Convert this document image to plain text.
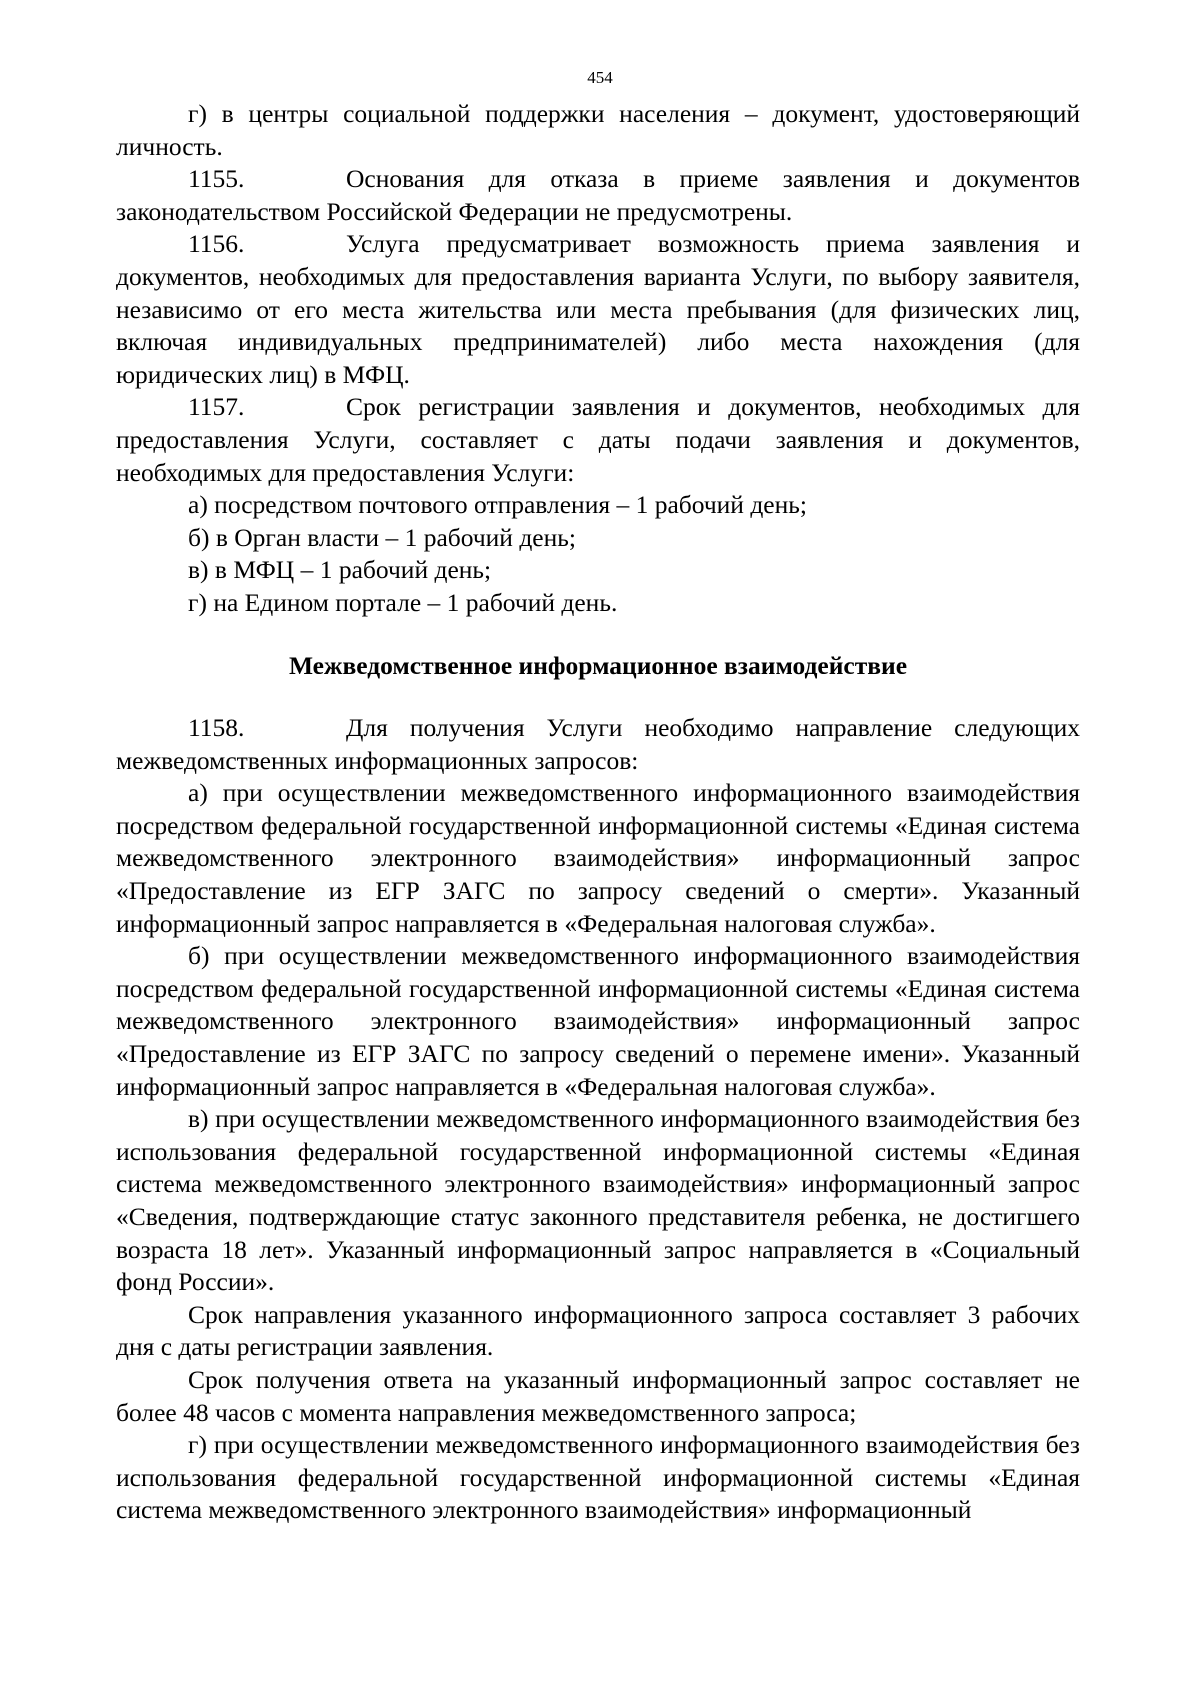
454

г) в центры социальной поддержки населения – документ, удостоверяющий личность.

1155.	Основания для отказа в приеме заявления и документов законодательством Российской Федерации не предусмотрены.

1156.	Услуга предусматривает возможность приема заявления и документов, необходимых для предоставления варианта Услуги, по выбору заявителя, независимо от его места жительства или места пребывания (для физических лиц, включая индивидуальных предпринимателей) либо места нахождения (для юридических лиц) в МФЦ.

1157.	Срок регистрации заявления и документов, необходимых для предоставления Услуги, составляет с даты подачи заявления и документов, необходимых для предоставления Услуги:

а) посредством почтового отправления – 1 рабочий день;

б) в Орган власти – 1 рабочий день;

в) в МФЦ – 1 рабочий день;

г) на Едином портале – 1 рабочий день.

Межведомственное информационное взаимодействие

1158.	Для получения Услуги необходимо направление следующих межведомственных информационных запросов:

а) при осуществлении межведомственного информационного взаимодействия посредством федеральной государственной информационной системы «Единая система межведомственного электронного взаимодействия» информационный запрос «Предоставление из ЕГР ЗАГС по запросу сведений о смерти». Указанный информационный запрос направляется в «Федеральная налоговая служба».

б) при осуществлении межведомственного информационного взаимодействия посредством федеральной государственной информационной системы «Единая система межведомственного электронного взаимодействия» информационный запрос «Предоставление из ЕГР ЗАГС по запросу сведений о перемене имени». Указанный информационный запрос направляется в «Федеральная налоговая служба».

в) при осуществлении межведомственного информационного взаимодействия без использования федеральной государственной информационной системы «Единая система межведомственного электронного взаимодействия» информационный запрос «Сведения, подтверждающие статус законного представителя ребенка, не достигшего возраста 18 лет». Указанный информационный запрос направляется в «Социальный фонд России».

Срок направления указанного информационного запроса составляет 3 рабочих дня с даты регистрации заявления.

Срок получения ответа на указанный информационный запрос составляет не более 48 часов с момента направления межведомственного запроса;

г) при осуществлении межведомственного информационного взаимодействия без использования федеральной государственной информационной системы «Единая система межведомственного электронного взаимодействия» информационный
